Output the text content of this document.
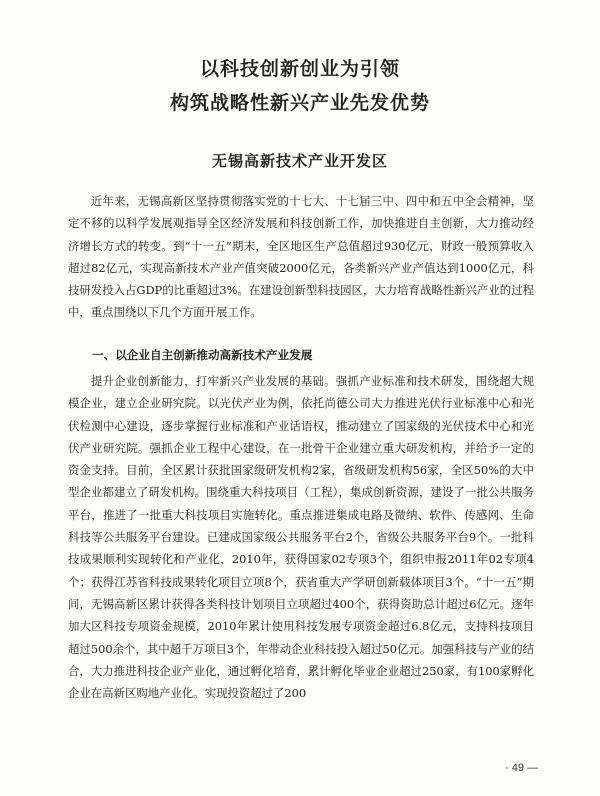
以科技创新创业为引领
构筑战略性新兴产业先发优势
无锡高新技术产业开发区

近年来，无锡高新区坚持贯彻落实党的十七大、十七届三中、四中和五中全会精神，坚定不移的以科学发展观指导全区经济发展和科技创新工作，加快推进自主创新，大力推动经济增长方式的转变。到“十一五”期末，全区地区生产总值超过930亿元，财政一般预算收入超过82亿元，实现高新技术产业产值突破2000亿元，各类新兴产业产值达到1000亿元，科技研发投入占GDP的比重超过3%。在建设创新型科技园区，大力培育战略性新兴产业的过程中，重点围绕以下几个方面开展工作。

一、以企业自主创新推动高新技术产业发展

提升企业创新能力，打牢新兴产业发展的基础。强抓产业标准和技术研发，围绕超大规模企业，建立企业研究院。以光伏产业为例，依托尚德公司大力推进光伏行业标准中心和光伏检测中心建设，逐步掌握行业标准和产业话语权，推动建立了国家级的光伏技术中心和光伏产业研究院。强抓企业工程中心建设，在一批骨干企业建立重大研发机构，并给予一定的资金支持。目前，全区累计获批国家级研发机构2家，省级研发机构56家，全区50%的大中型企业都建立了研发机构。围绕重大科技项目（工程），集成创新资源，建设了一批公共服务平台，推进了一批重大科技项目实施转化。重点推进集成电路及微纳、软件、传感网、生命科技等公共服务平台建设。已建成国家级公共服务平台2个，省级公共服务平台9个。一批科技成果顺利实现转化和产业化，2010年，获得国家02专项3个，组织申报2011年02专项4个；获得江苏省科技成果转化项目立项8个，获省重大产学研创新载体项目3个。“十一五”期间，无锡高新区累计获得各类科技计划项目立项超过400个，获得资助总计超过6亿元。逐年加大区科技专项资金规模，2010年累计使用科技发展专项资金超过6.8亿元，支持科技项目超过500余个，其中超千万项目3个，年带动企业科技投入超过50亿元。加强科技与产业的结合，大力推进科技企业产业化，通过孵化培育，累计孵化毕业企业超过250家，有100家孵化企业在高新区购地产业化。实现投资超过了200

· 49 —
